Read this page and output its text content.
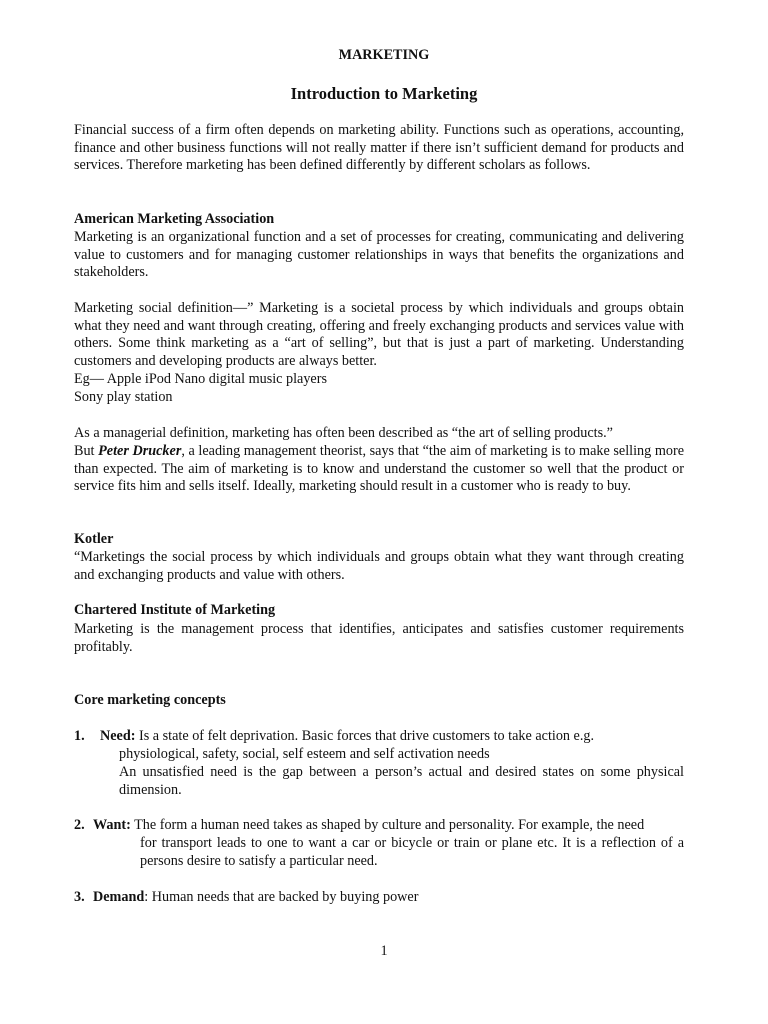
MARKETING

Introduction to Marketing

Financial success of a firm often depends on marketing ability. Functions such as operations, accounting, finance and other business functions will not really matter if there isn’t sufficient demand for products and services. Therefore marketing has been defined differently by different scholars as follows.

American Marketing Association

Marketing is an organizational function and a set of processes for creating, communicating and delivering value to customers and for managing customer relationships in ways that benefits the organizations and stakeholders.

Marketing social definition—” Marketing is a societal process by which individuals and groups obtain what they need and want through creating, offering and freely exchanging products and services value with others. Some think marketing as a “art of selling”, but that is just a part of marketing. Understanding customers and developing products are always better.

Eg— Apple iPod Nano digital music players

Sony play station

As a managerial definition, marketing has often been described as “the art of selling products.”

But Peter Drucker, a leading management theorist, says that “the aim of marketing is to make selling more than expected. The aim of marketing is to know and understand the customer so well that the product or service fits him and sells itself. Ideally, marketing should result in a customer who is ready to buy.

Kotler

“Marketings the social process by which individuals and groups obtain what they want through creating and exchanging products and value with others.

Chartered Institute of Marketing

Marketing is the management process that identifies, anticipates and satisfies customer requirements profitably.

Core marketing concepts

1. Need: Is a state of felt deprivation. Basic forces that drive customers to take action e.g.

physiological, safety, social, self esteem and self activation needs

An unsatisfied need is the gap between a person’s actual and desired states on some physical dimension.

2. Want: The form a human need takes as shaped by culture and personality. For example, the need

for transport leads to one to want a car or bicycle or train or plane etc. It is a reflection of a persons desire to satisfy a particular need.

3. Demand: Human needs that are backed by buying power

1
